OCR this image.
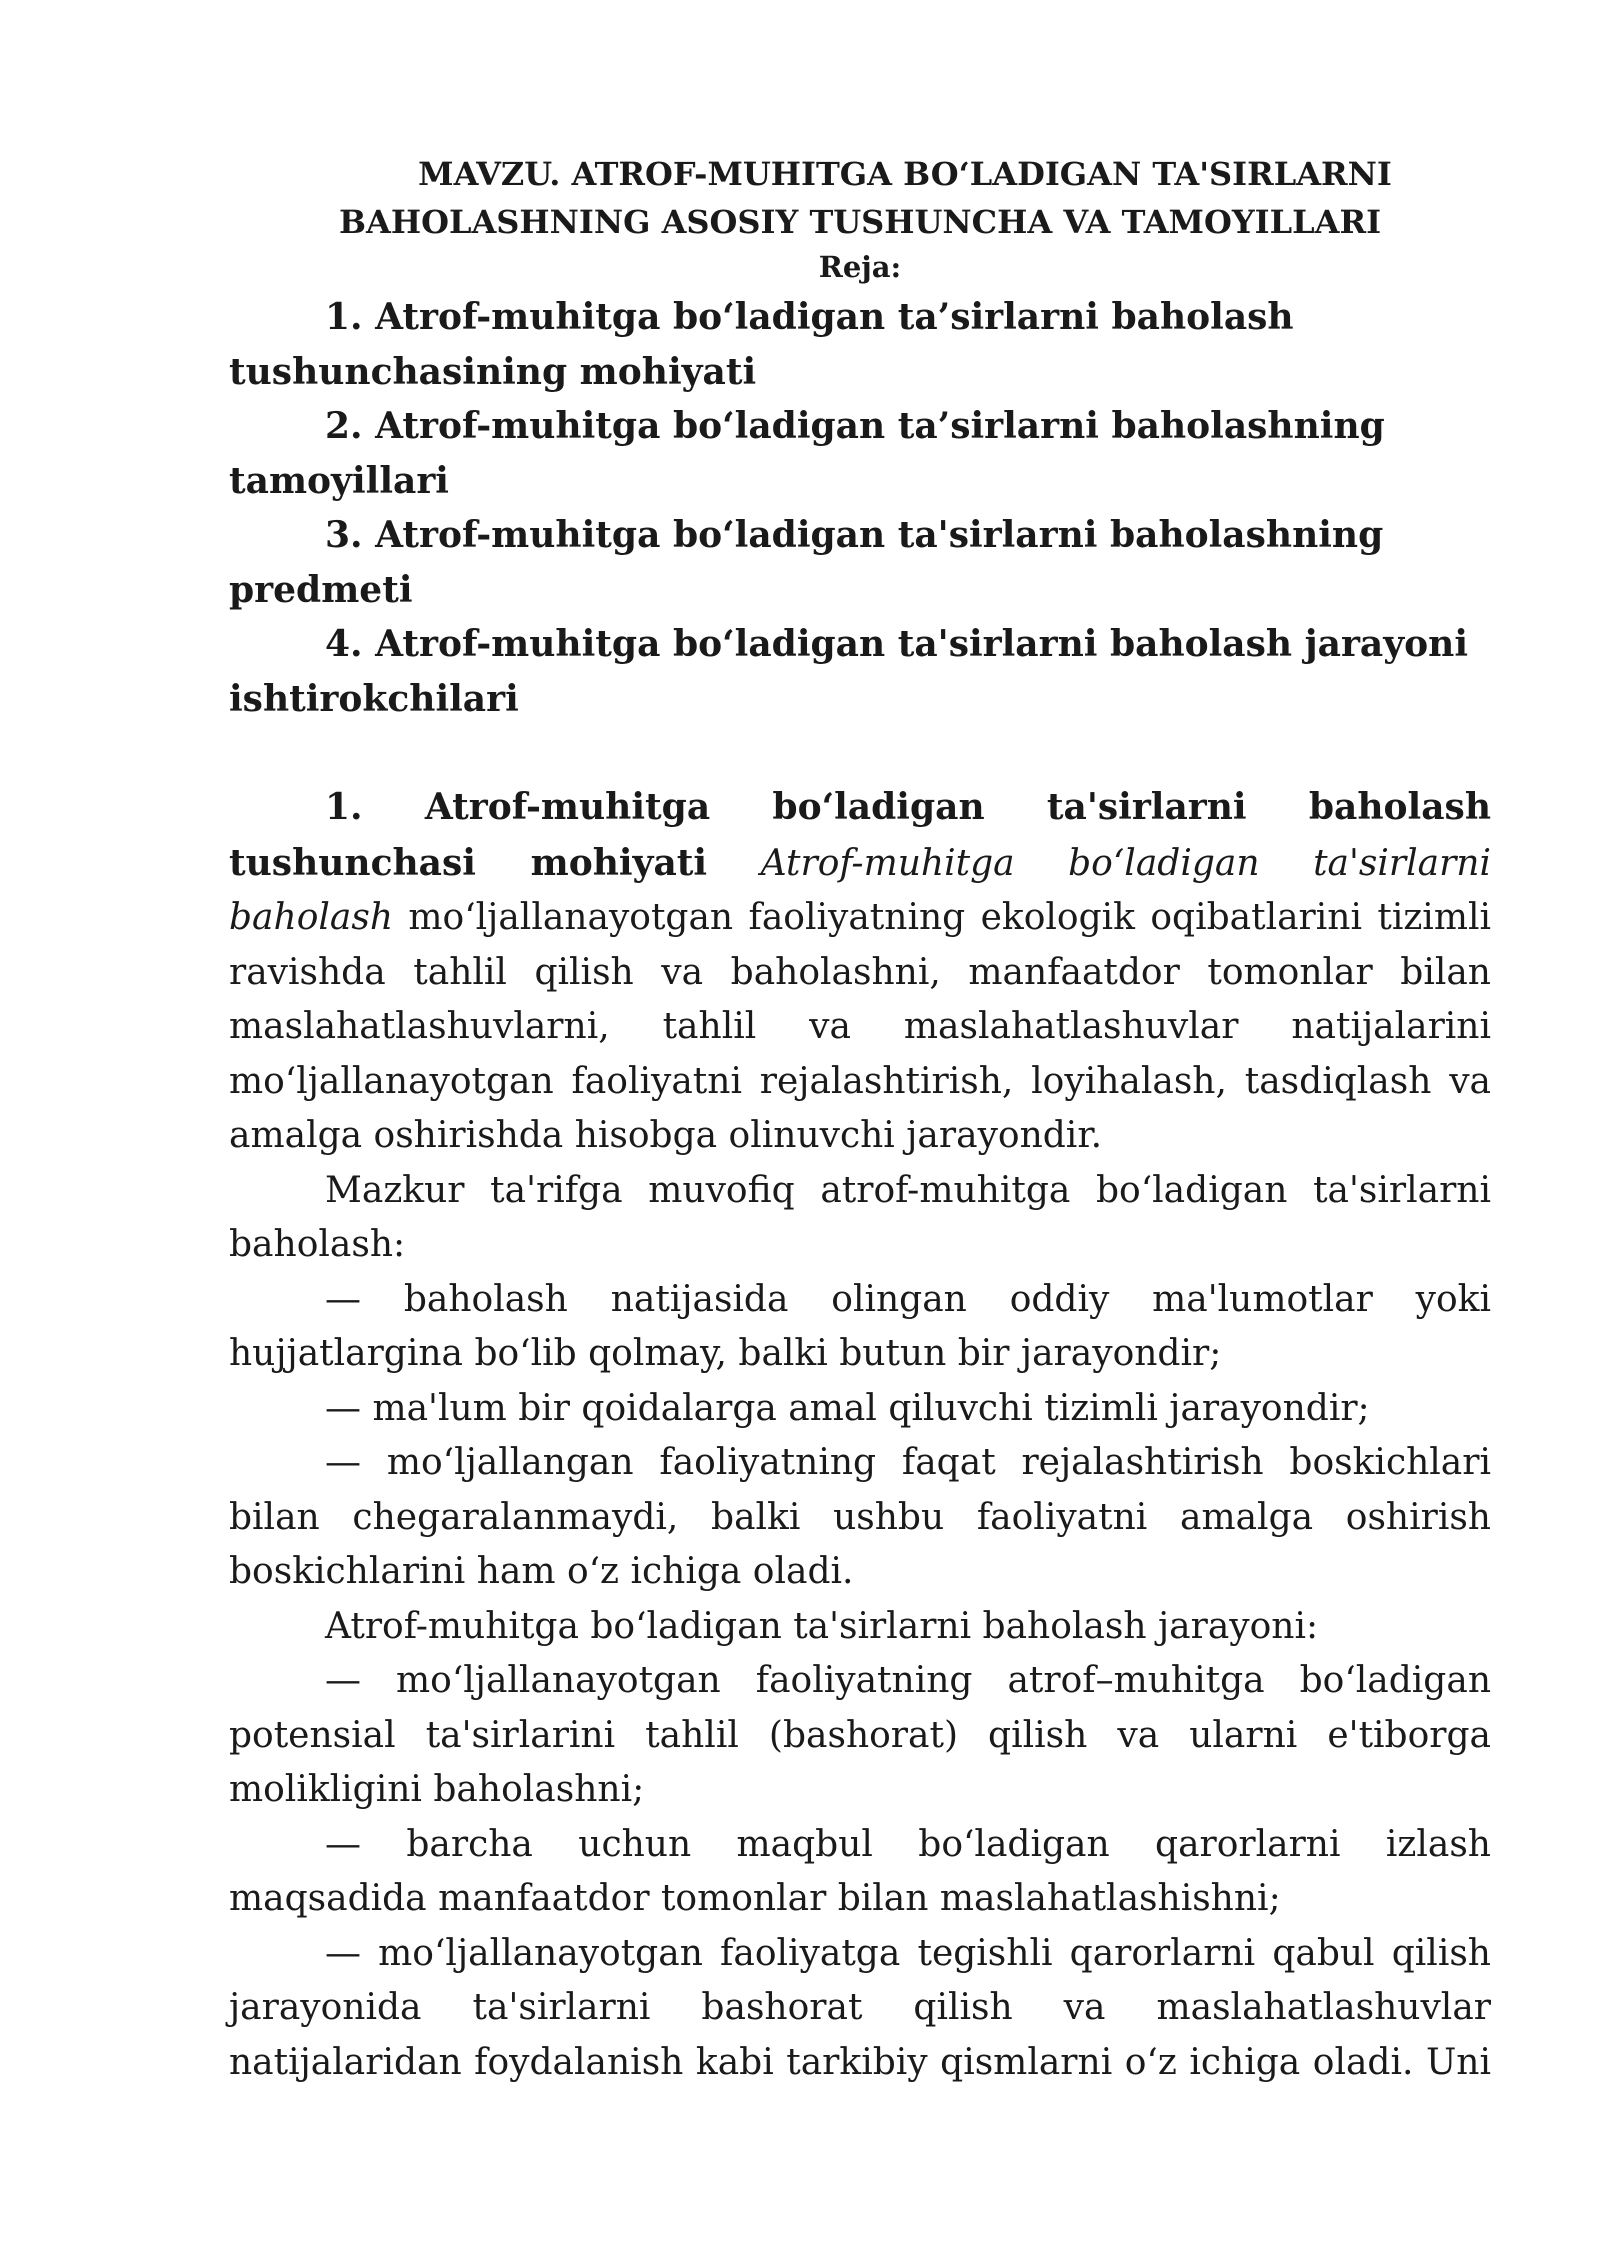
MAVZU. ATROF-MUHITGA BOʻLADIGAN TA'SIRLARNI
BAHOLASHNING ASOSIY TUSHUNCHA VA TAMOYILLARI

Reja:

1. Atrof-muhitga boʻladigan ta’sirlarni baholash tushunchasining mohiyati

2. Atrof-muhitga boʻladigan ta’sirlarni baholashning tamoyillari

3. Atrof-muhitga boʻladigan ta'sirlarni baholashning predmeti

4. Atrof-muhitga boʻladigan ta'sirlarni baholash jarayoni ishtirokchilari

1. Atrof-muhitga boʻladigan ta'sirlarni baholash tushunchasi mohiyati Atrof-muhitga boʻladigan ta'sirlarni baholash moʻljallanayotgan faoliyatning ekologik oqibatlarini tizimli ravishda tahlil qilish va baholashni, manfaatdor tomonlar bilan maslahatlashuvlarni, tahlil va maslahatlashuvlar natijalarini moʻljallanayotgan faoliyatni rejalashtirish, loyihalash, tasdiqlash va amalga oshirishda hisobga olinuvchi jarayondir.

Mazkur ta'rifga muvofiq atrof-muhitga boʻladigan ta'sirlarni baholash:

— baholash natijasida olingan oddiy ma'lumotlar yoki hujjatlargina boʻlib qolmay, balki butun bir jarayondir;

— ma'lum bir qoidalarga amal qiluvchi tizimli jarayondir;

— moʻljallangan faoliyatning faqat rejalashtirish boskichlari bilan chegaralanmaydi, balki ushbu faoliyatni amalga oshirish boskichlarini ham oʻz ichiga oladi.

Atrof-muhitga boʻladigan ta'sirlarni baholash jarayoni:

— moʻljallanayotgan faoliyatning atrof–muhitga boʻladigan potensial ta'sirlarini tahlil (bashorat) qilish va ularni e'tiborga molikligini baholashni;

— barcha uchun maqbul boʻladigan qarorlarni izlash maqsadida manfaatdor tomonlar bilan maslahatlashishni;

— moʻljallanayotgan faoliyatga tegishli qarorlarni qabul qilish jarayonida ta'sirlarni bashorat qilish va maslahatlashuvlar natijalaridan foydalanish kabi tarkibiy qismlarni oʻz ichiga oladi. Uni
